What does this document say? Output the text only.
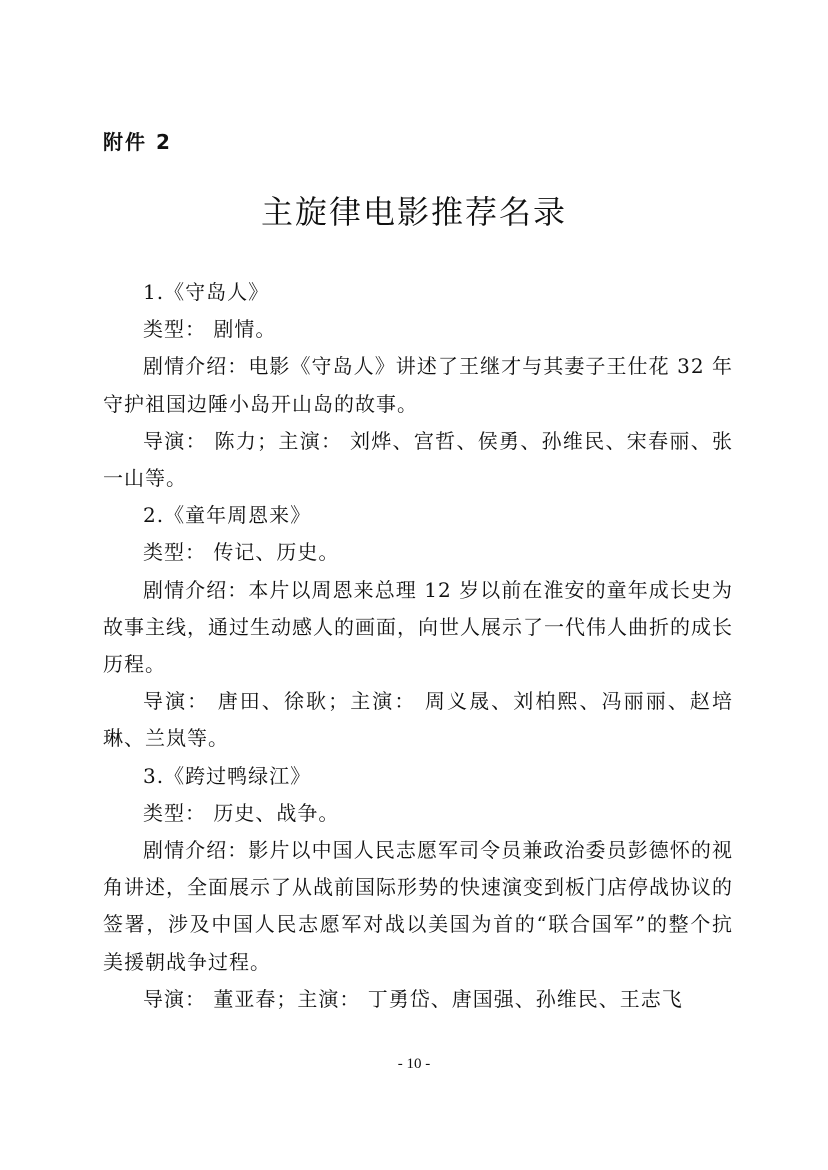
附件 2
主旋律电影推荐名录

1.《守岛人》

类型： 剧情。

剧情介绍：电影《守岛人》讲述了王继才与其妻子王仕花 32 年守护祖国边陲小岛开山岛的故事。

导演： 陈力；主演： 刘烨、宫哲、侯勇、孙维民、宋春丽、张一山等。

2.《童年周恩来》

类型： 传记、历史。

剧情介绍：本片以周恩来总理 12 岁以前在淮安的童年成长史为故事主线，通过生动感人的画面，向世人展示了一代伟人曲折的成长历程。

导演： 唐田、徐耿；主演： 周义晟、刘柏熙、冯丽丽、赵培琳、兰岚等。

3.《跨过鸭绿江》

类型： 历史、战争。

剧情介绍：影片以中国人民志愿军司令员兼政治委员彭德怀的视角讲述，全面展示了从战前国际形势的快速演变到板门店停战协议的签署，涉及中国人民志愿军对战以美国为首的“联合国军”的整个抗美援朝战争过程。

导演： 董亚春；主演： 丁勇岱、唐国强、孙维民、王志飞

- 10 -
